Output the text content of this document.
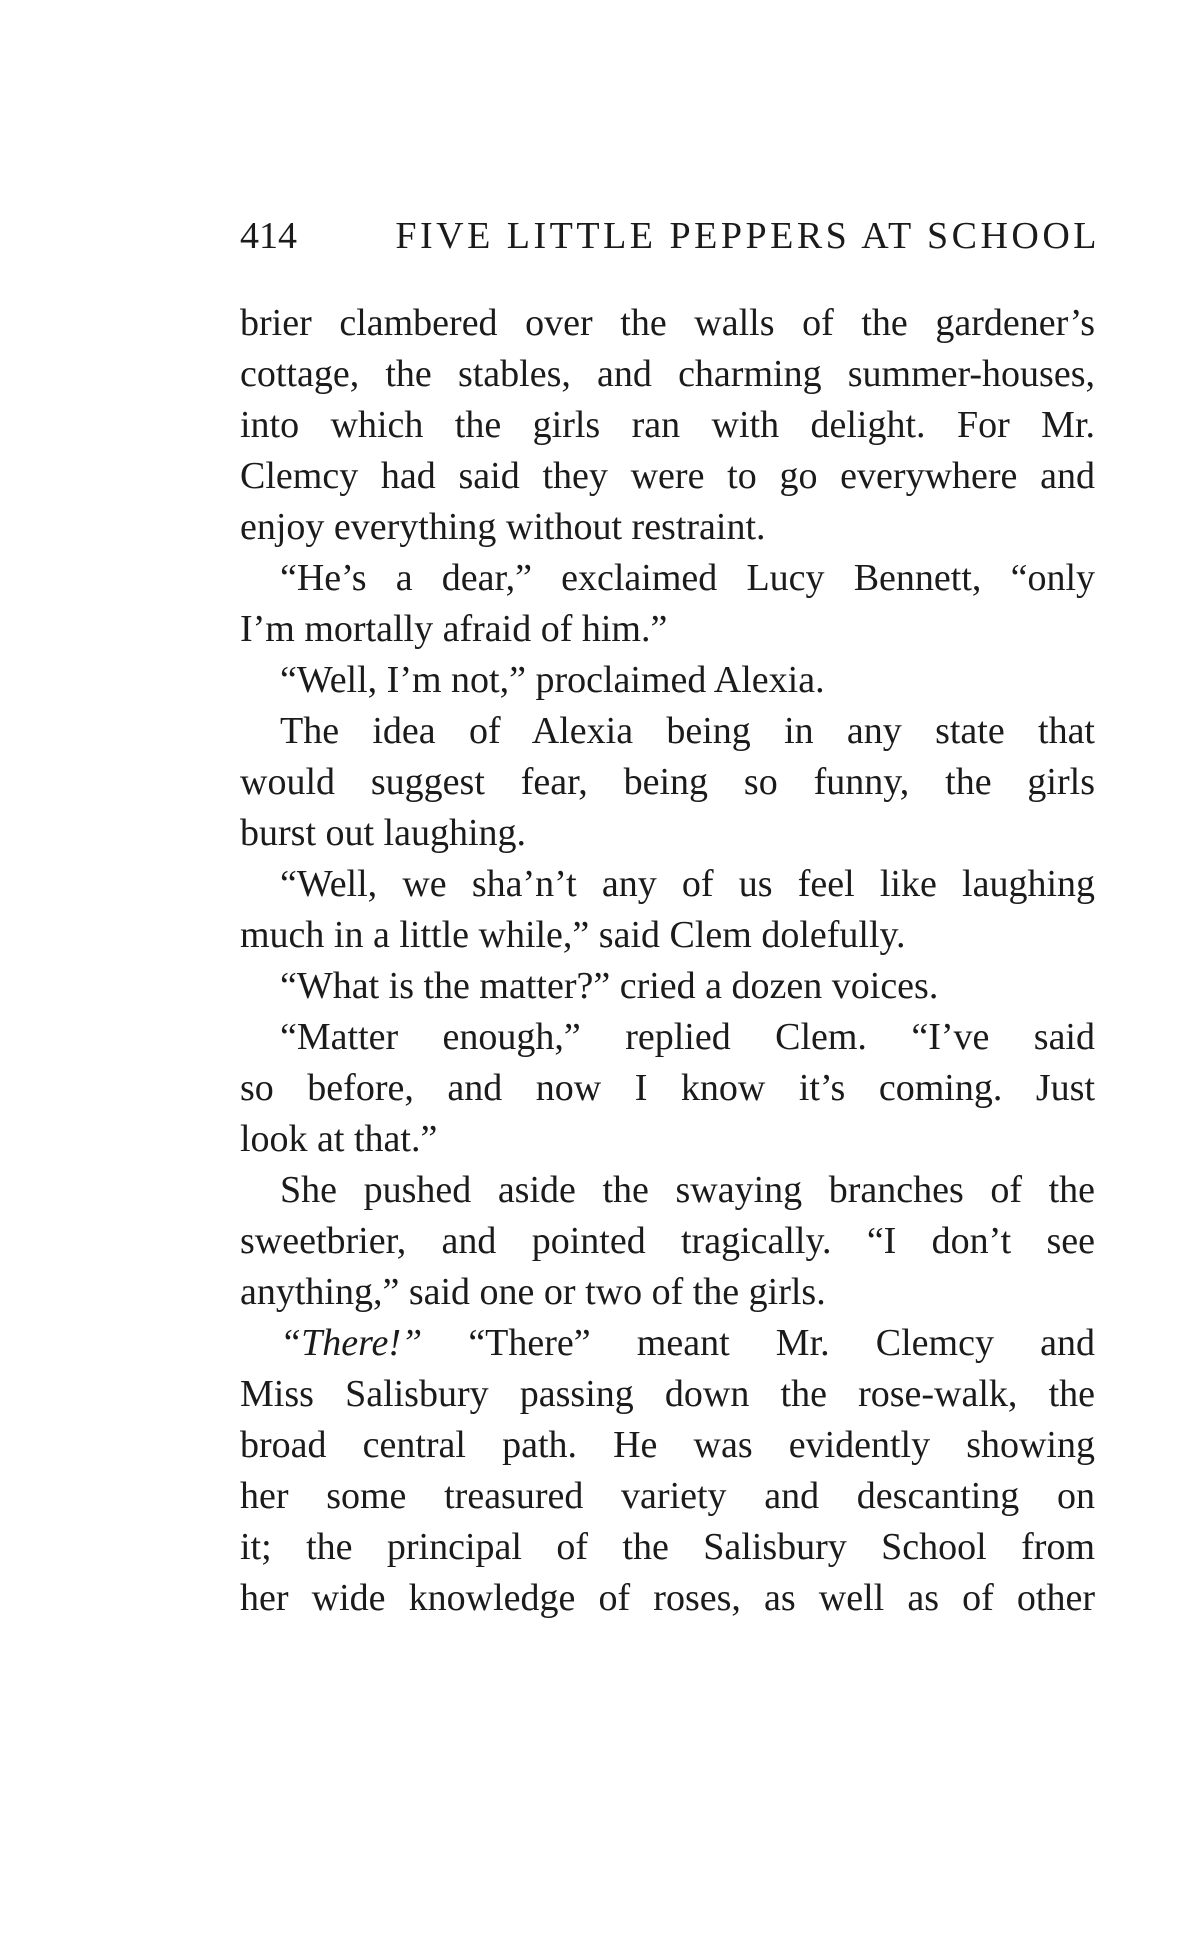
414	FIVE LITTLE PEPPERS AT SCHOOL
brier clambered over the walls of the gardener’s
cottage, the stables, and charming summer-houses,
into which the girls ran with delight. For Mr.
Clemcy had said they were to go everywhere and
enjoy everything without restraint.
“He’s a dear,” exclaimed Lucy Bennett, “only
I’m mortally afraid of him.”
“Well, I’m not,” proclaimed Alexia.
The idea of Alexia being in any state that
would suggest fear, being so funny, the girls
burst out laughing.
“Well, we sha’n’t any of us feel like laughing
much in a little while,” said Clem dolefully.
“What is the matter?” cried a dozen voices.
“Matter enough,” replied Clem. “I’ve said
so before, and now I know it’s coming. Just
look at that.”
She pushed aside the swaying branches of the
sweetbrier, and pointed tragically. “I don’t see
anything,” said one or two of the girls.
“There!” “There” meant Mr. Clemcy and
Miss Salisbury passing down the rose-walk, the
broad central path. He was evidently showing
her some treasured variety and descanting on
it; the principal of the Salisbury School from
her wide knowledge of roses, as well as of other
